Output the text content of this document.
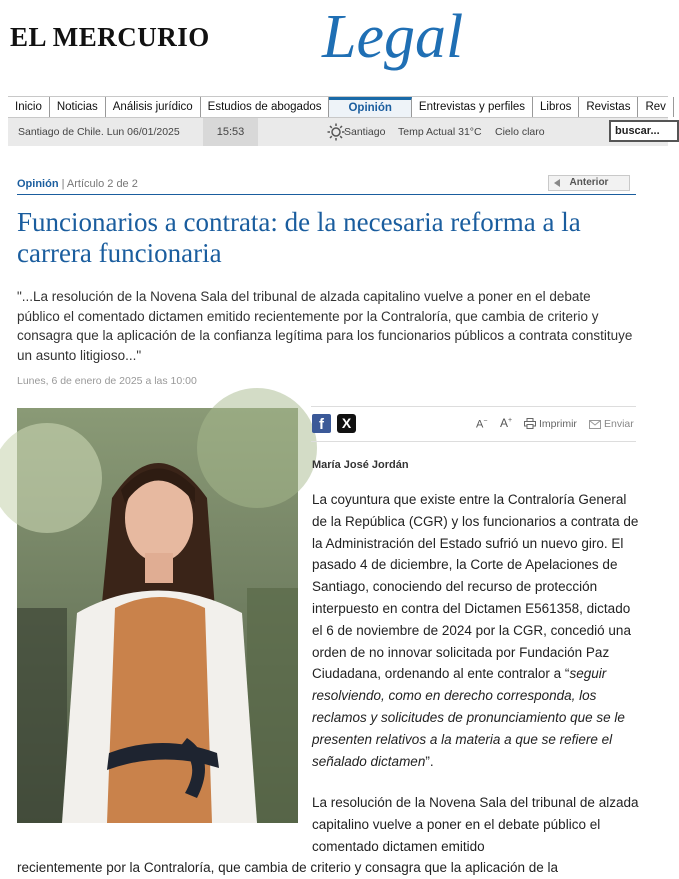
EL MERCURIO Legal
Inicio Noticias Análisis jurídico Estudios de abogados Opinión Entrevistas y perfiles Libros Revistas Rev
Santiago de Chile. Lun 06/01/2025	15:53	Santiago Temp Actual 31°C Cielo claro
buscar...
Opinión | Artículo 2 de 2	Anterior
Funcionarios a contrata: de la necesaria reforma a la carrera funcionaria

"...La resolución de la Novena Sala del tribunal de alzada capitalino vuelve a poner en el debate público el comentado dictamen emitido recientemente por la Contraloría, que cambia de criterio y consagra que la aplicación de la confianza legítima para los funcionarios públicos a contrata constituye un asunto litigioso..."

Lunes, 6 de enero de 2025 a las 10:00
f	X	A− A+	Imprimir	Enviar
María José Jordán

La coyuntura que existe entre la Contraloría General de la República (CGR) y los funcionarios a contrata de la Administración del Estado sufrió un nuevo giro. El pasado 4 de diciembre, la Corte de Apelaciones de Santiago, conociendo del recurso de protección interpuesto en contra del Dictamen E561358, dictado el 6 de noviembre de 2024 por la CGR, concedió una orden de no innovar solicitada por Fundación Paz Ciudadana, ordenando al ente contralor a “seguir resolviendo, como en derecho corresponda, los reclamos y solicitudes de pronunciamiento que se le presenten relativos a la materia a que se refiere el señalado dictamen”.

La resolución de la Novena Sala del tribunal de alzada capitalino vuelve a poner en el debate público el comentado dictamen emitido

recientemente por la Contraloría, que cambia de criterio y consagra que la aplicación de la
